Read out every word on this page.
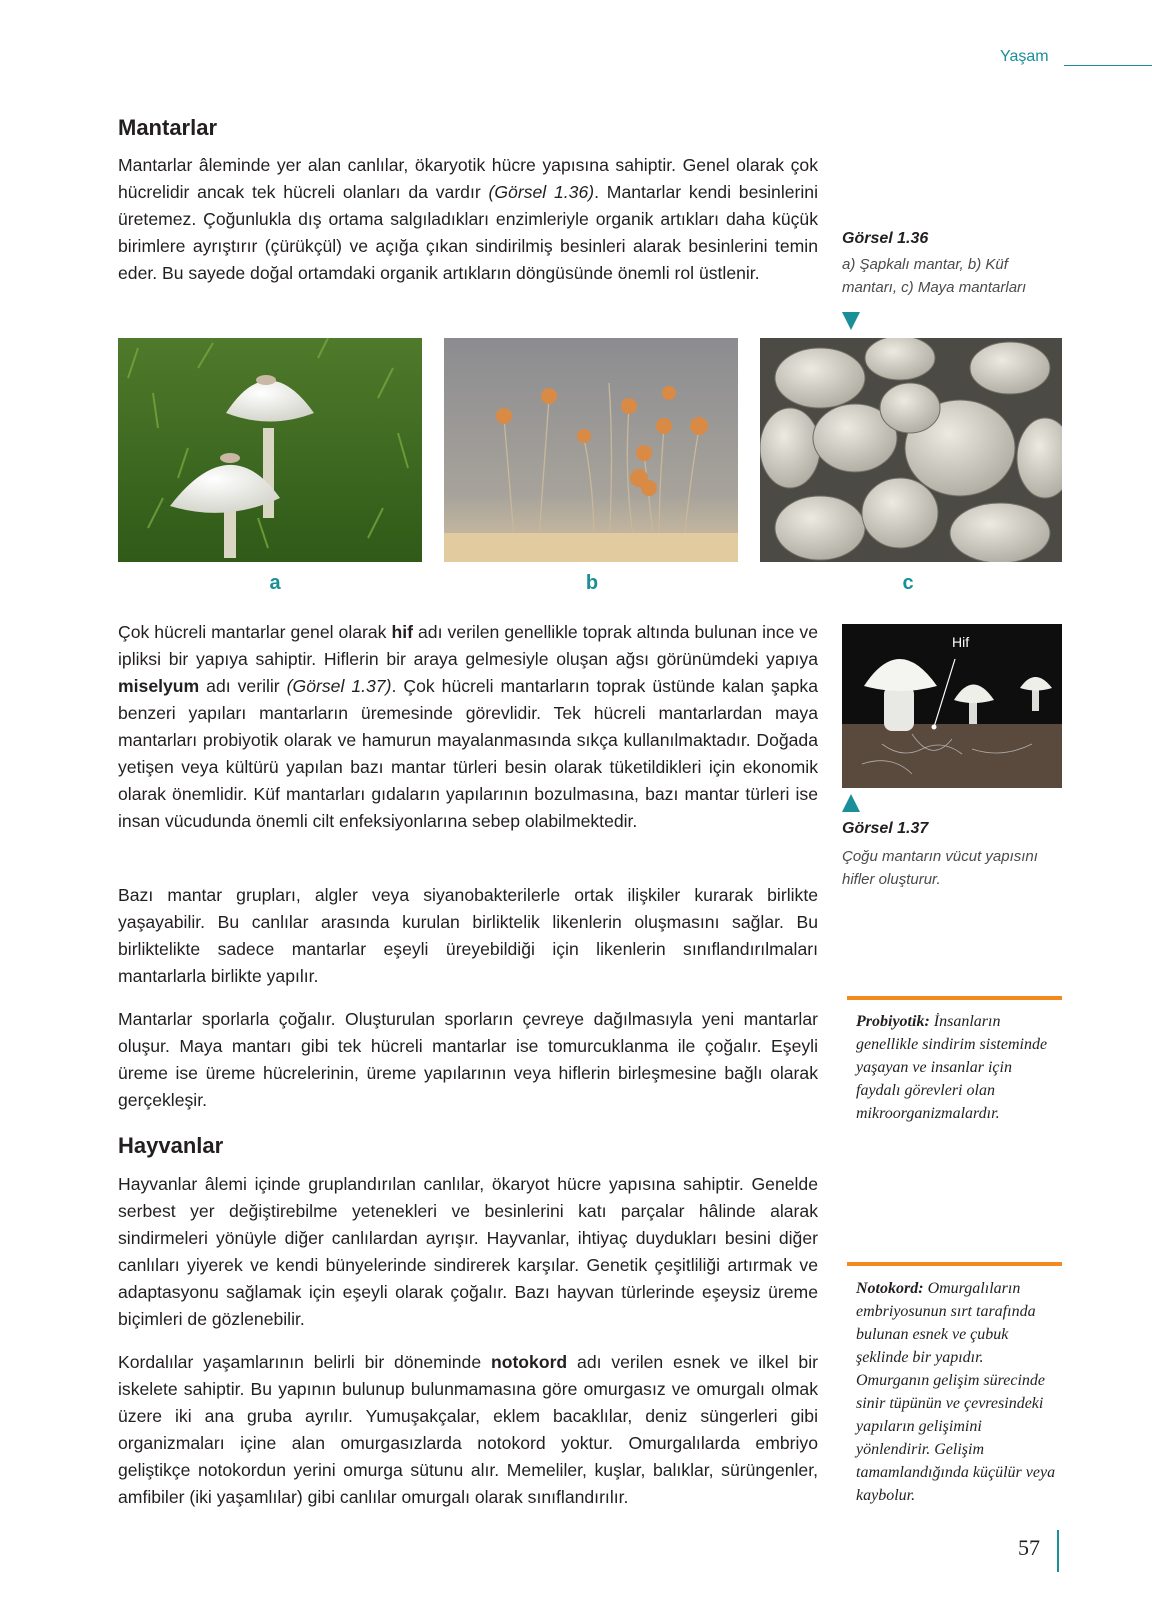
Yaşam
Mantarlar

Mantarlar âleminde yer alan canlılar, ökaryotik hücre yapısına sahiptir. Genel olarak çok hücrelidir ancak tek hücreli olanları da vardır (Görsel 1.36). Mantarlar kendi besinlerini üretemez. Çoğunlukla dış ortama salgıladıkları enzimleriyle organik artıkları daha küçük birimlere ayrıştırır (çürükçül) ve açığa çıkan sindirilmiş besinleri alarak besinlerini temin eder. Bu sayede doğal ortamdaki organik artıkların döngüsünde önemli rol üstlenir.

Görsel 1.36
a) Şapkalı mantar, b) Küf mantarı, c) Maya mantarları
a	b	c

Çok hücreli mantarlar genel olarak hif adı verilen genellikle toprak altında bulunan ince ve ipliksi bir yapıya sahiptir. Hiflerin bir araya gelmesiyle oluşan ağsı görünümdeki yapıya miselyum adı verilir (Görsel 1.37). Çok hücreli mantarların toprak üstünde kalan şapka benzeri yapıları mantarların üremesinde görevlidir. Tek hücreli mantarlardan maya mantarları probiyotik olarak ve hamurun mayalanmasında sıkça kullanılmaktadır. Doğada yetişen veya kültürü yapılan bazı mantar türleri besin olarak tüketildikleri için ekonomik olarak önemlidir. Küf mantarları gıdaların yapılarının bozulmasına, bazı mantar türleri ise insan vücudunda önemli cilt enfeksiyonlarına sebep olabilmektedir.

Hif
Görsel 1.37
Çoğu mantarın vücut yapısını hifler oluşturur.

Bazı mantar grupları, algler veya siyanobakterilerle ortak ilişkiler kurarak birlikte yaşayabilir. Bu canlılar arasında kurulan birliktelik likenlerin oluşmasını sağlar. Bu birliktelikte sadece mantarlar eşeyli üreyebildiği için likenlerin sınıflandırılmaları mantarlarla birlikte yapılır.

Mantarlar sporlarla çoğalır. Oluşturulan sporların çevreye dağılmasıyla yeni mantarlar oluşur. Maya mantarı gibi tek hücreli mantarlar ise tomurcuklanma ile çoğalır. Eşeyli üreme ise üreme hücrelerinin, üreme yapılarının veya hiflerin birleşmesine bağlı olarak gerçekleşir.

Probiyotik: İnsanların genellikle sindirim sisteminde yaşayan ve insanlar için faydalı görevleri olan mikroorganizmalardır.
Hayvanlar

Hayvanlar âlemi içinde gruplandırılan canlılar, ökaryot hücre yapısına sahiptir. Genelde serbest yer değiştirebilme yetenekleri ve besinlerini katı parçalar hâlinde alarak sindirmeleri yönüyle diğer canlılardan ayrışır. Hayvanlar, ihtiyaç duydukları besini diğer canlıları yiyerek ve kendi bünyelerinde sindirerek karşılar. Genetik çeşitliliği artırmak ve adaptasyonu sağlamak için eşeyli olarak çoğalır. Bazı hayvan türlerinde eşeysiz üreme biçimleri de gözlenebilir.

Kordalılar yaşamlarının belirli bir döneminde notokord adı verilen esnek ve ilkel bir iskelete sahiptir. Bu yapının bulunup bulunmamasına göre omurgasız ve omurgalı olmak üzere iki ana gruba ayrılır. Yumuşakçalar, eklem bacaklılar, deniz süngerleri gibi organizmaları içine alan omurgasızlarda notokord yoktur. Omurgalılarda embriyo geliştikçe notokordun yerini omurga sütunu alır. Memeliler, kuşlar, balıklar, sürüngenler, amfibiler (iki yaşamlılar) gibi canlılar omurgalı olarak sınıflandırılır.

Notokord: Omurgalıların embriyosunun sırt tarafında bulunan esnek ve çubuk şeklinde bir yapıdır. Omurganın gelişim sürecinde sinir tüpünün ve çevresindeki yapıların gelişimini yönlendirir. Gelişim tamamlandığında küçülür veya kaybolur.
57
